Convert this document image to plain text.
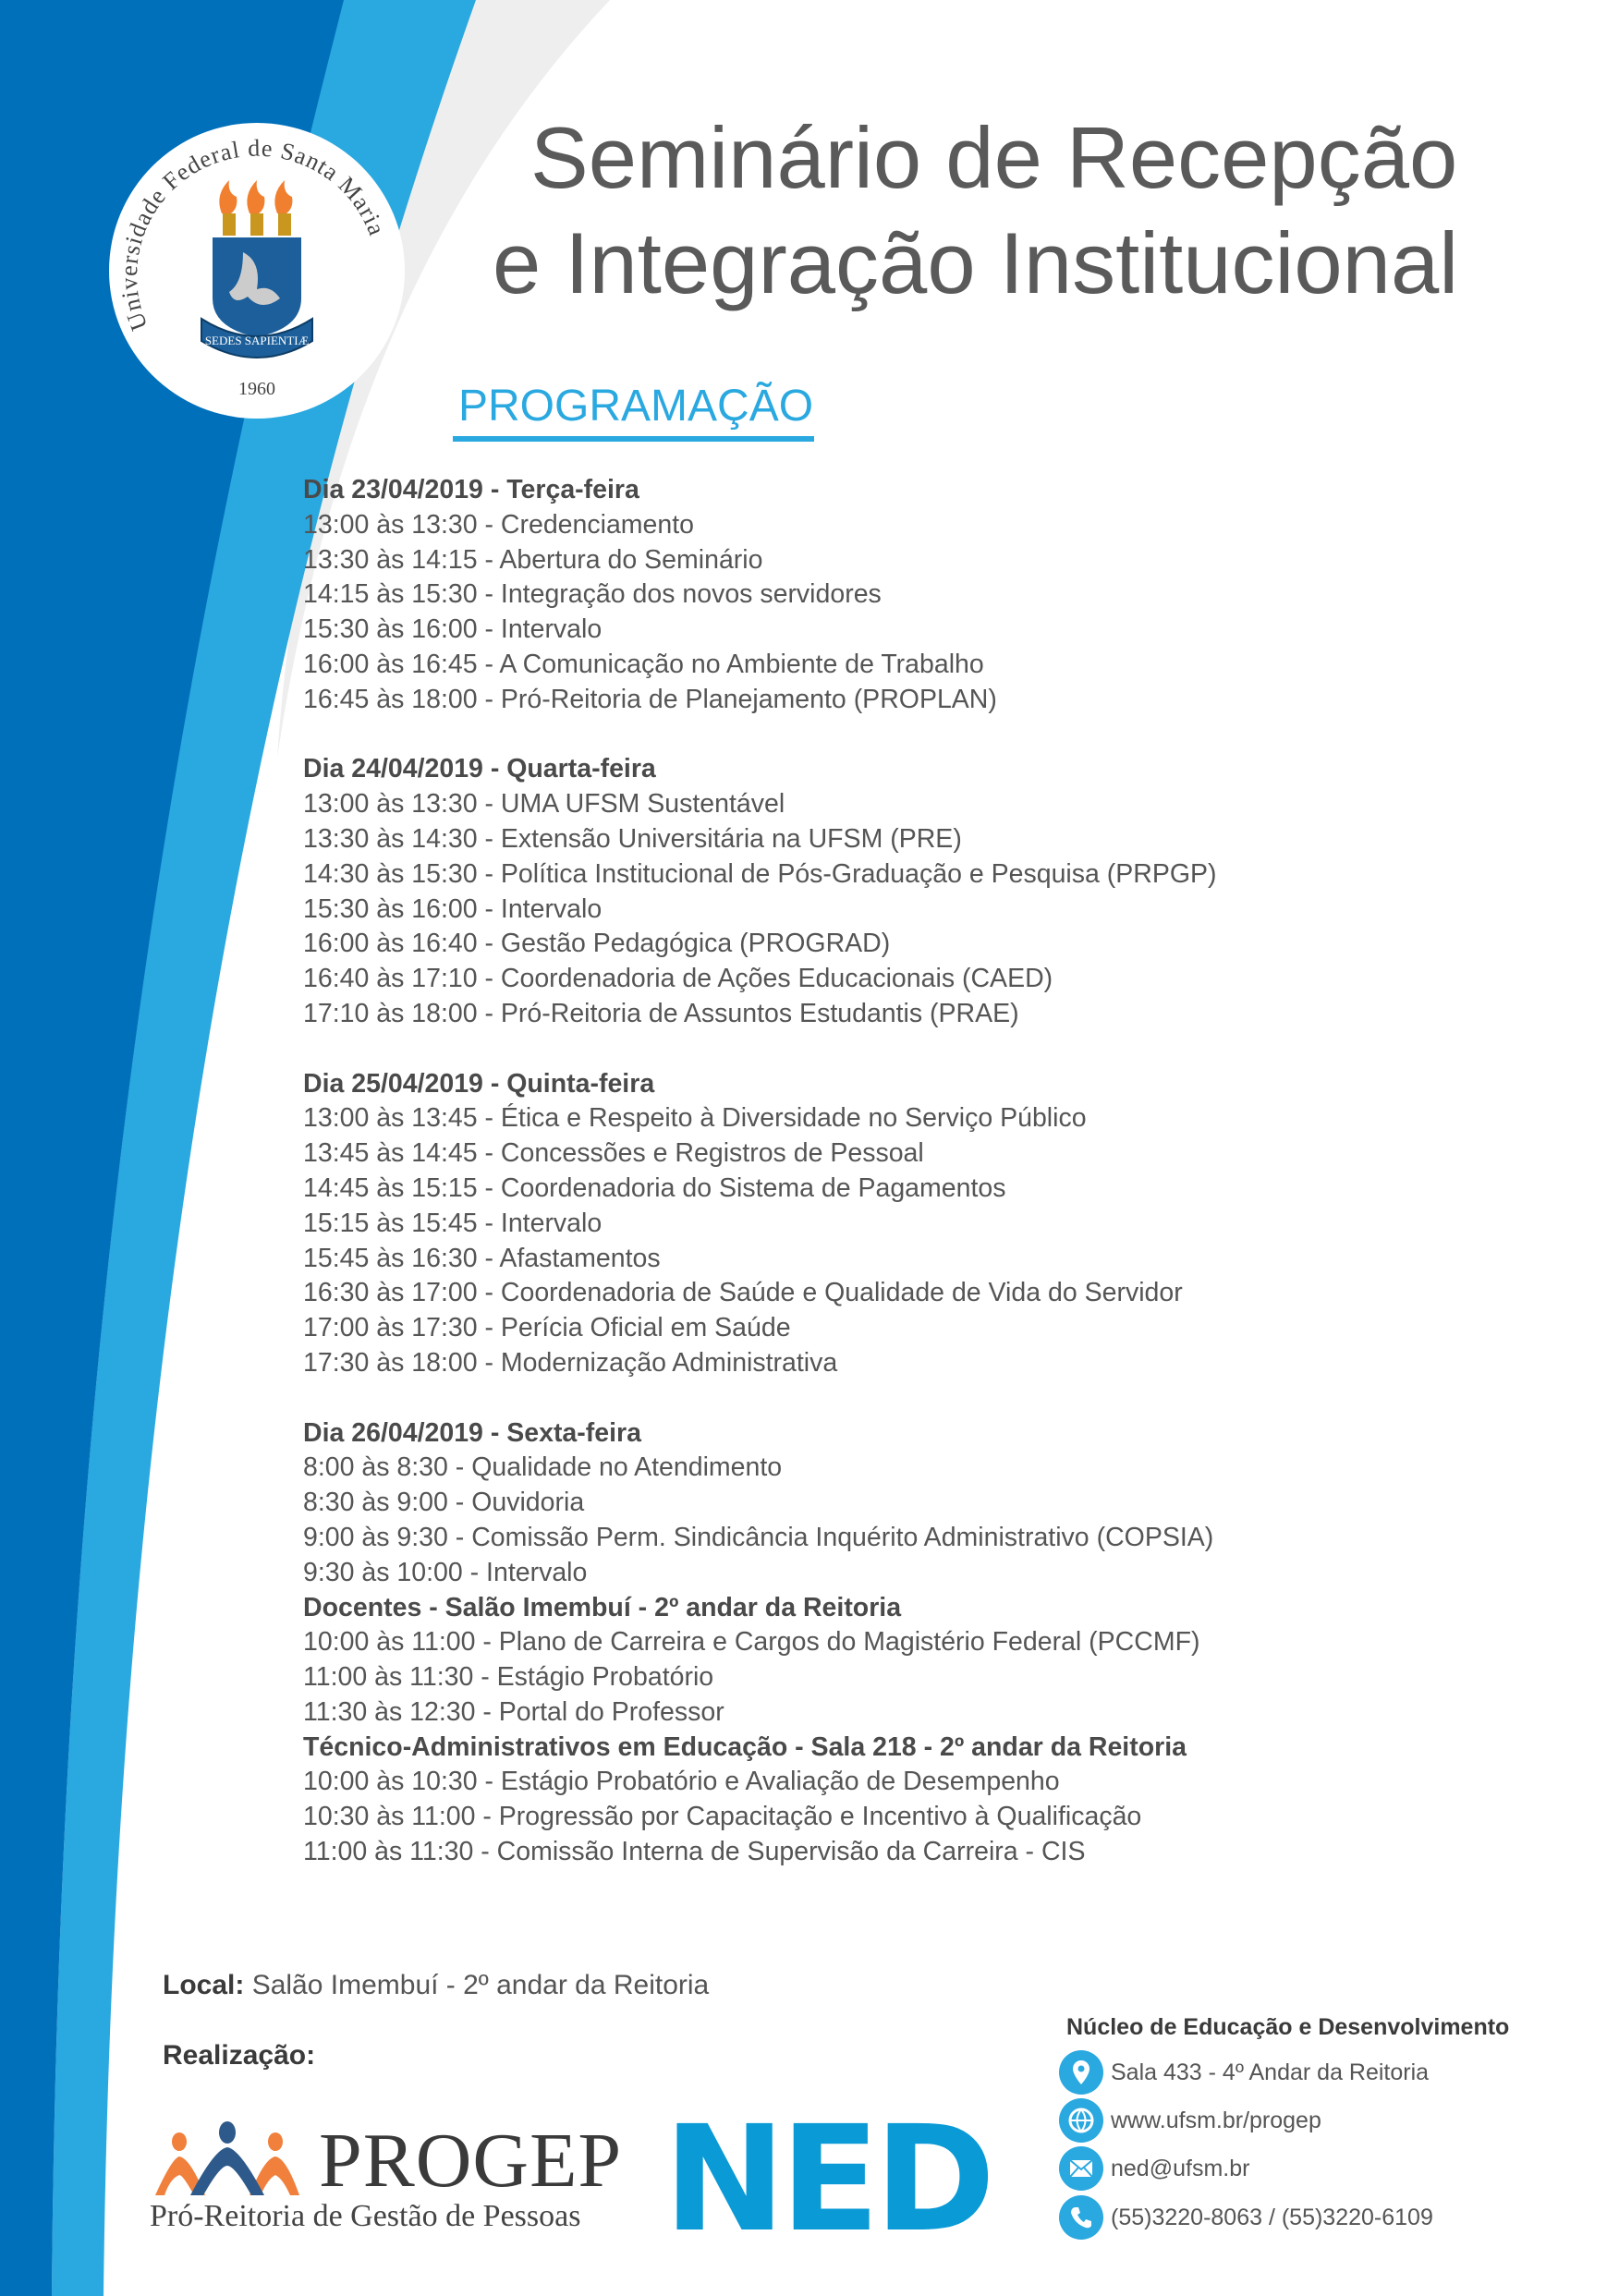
SEDES SAPIENTIÆ
1960
Universidade Federal de Santa Maria
Seminário de Recepção
e Integração Institucional
PROGRAMAÇÃO
Dia 23/04/2019 - Terça-feira
13:00 às 13:30 - Credenciamento
13:30 às 14:15 - Abertura do Seminário
14:15 às 15:30 - Integração dos novos servidores
15:30 às 16:00 - Intervalo
16:00 às 16:45 - A Comunicação no Ambiente de Trabalho
16:45 às 18:00 - Pró-Reitoria de Planejamento (PROPLAN)
Dia 24/04/2019 - Quarta-feira
13:00 às 13:30 - UMA UFSM Sustentável
13:30 às 14:30 - Extensão Universitária na UFSM (PRE)
14:30 às 15:30 - Política Institucional de Pós-Graduação e Pesquisa (PRPGP)
15:30 às 16:00 - Intervalo
16:00 às 16:40 - Gestão Pedagógica (PROGRAD)
16:40 às 17:10 - Coordenadoria de Ações Educacionais (CAED)
17:10 às 18:00 - Pró-Reitoria de Assuntos Estudantis (PRAE)
Dia 25/04/2019 - Quinta-feira
13:00 às 13:45 - Ética e Respeito à Diversidade no Serviço Público
13:45 às 14:45 - Concessões e Registros de Pessoal
14:45 às 15:15 - Coordenadoria do Sistema de Pagamentos
15:15 às 15:45 - Intervalo
15:45 às 16:30 - Afastamentos
16:30 às 17:00 - Coordenadoria de Saúde e Qualidade de Vida do Servidor
17:00 às 17:30 - Perícia Oficial em Saúde
17:30 às 18:00 - Modernização Administrativa
Dia 26/04/2019 - Sexta-feira
8:00 às 8:30 - Qualidade no Atendimento
8:30 às 9:00 - Ouvidoria
9:00 às 9:30 - Comissão Perm. Sindicância Inquérito Administrativo (COPSIA)
9:30 às 10:00 - Intervalo
Docentes - Salão Imembuí - 2º andar da Reitoria
10:00 às 11:00 - Plano de Carreira e Cargos do Magistério Federal (PCCMF)
11:00 às 11:30 - Estágio Probatório
11:30 às 12:30 - Portal do Professor
Técnico-Administrativos em Educação - Sala 218 - 2º andar da Reitoria
10:00 às 10:30 - Estágio Probatório e Avaliação de Desempenho
10:30 às 11:00 - Progressão por Capacitação e Incentivo à Qualificação
11:00 às 11:30 - Comissão Interna de Supervisão da Carreira - CIS
Local: Salão Imembuí - 2º andar da Reitoria
Realização:
PROGEP
Pró-Reitoria de Gestão de Pessoas NED
Núcleo de Educação e Desenvolvimento
Sala 433 - 4º Andar da Reitoria
www.ufsm.br/progep
ned@ufsm.br
(55)3220-8063 / (55)3220-6109
